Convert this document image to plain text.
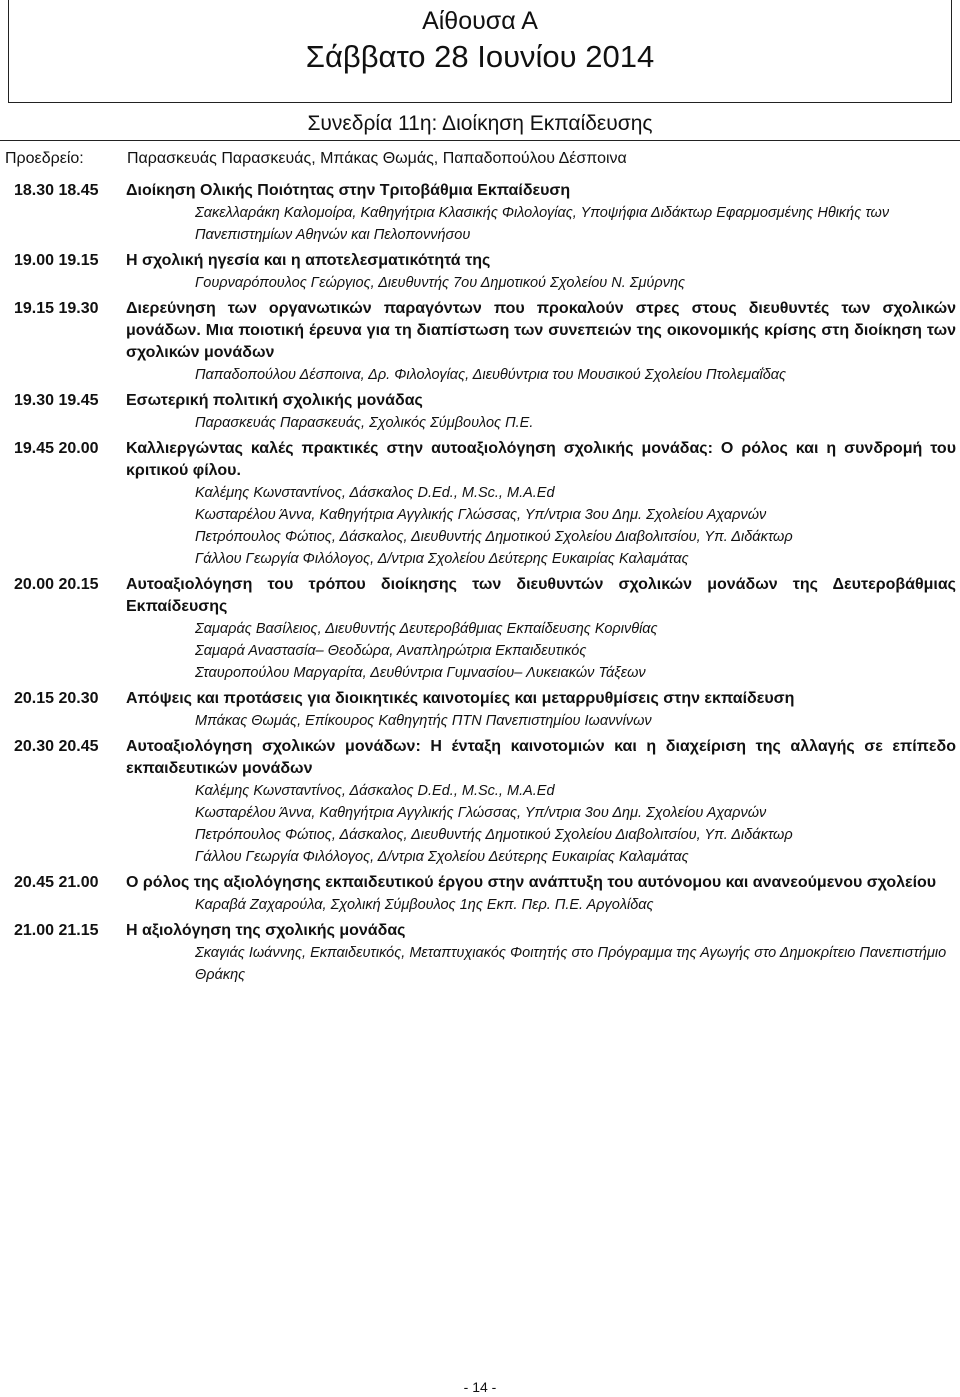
Αίθουσα Α
Σάββατο 28 Ιουνίου 2014
Συνεδρία 11η: Διοίκηση Εκπαίδευσης
Προεδρείο:	Παρασκευάς Παρασκευάς, Μπάκας Θωμάς, Παπαδοπούλου Δέσποινα
18.30 18.45	Διοίκηση Ολικής Ποιότητας στην Τριτοβάθμια Εκπαίδευση
Σακελλαράκη Καλομοίρα, Καθηγήτρια Κλασικής Φιλολογίας, Υποψήφια Διδάκτωρ Εφαρμοσμένης Ηθικής των Πανεπιστημίων Αθηνών και Πελοποννήσου
19.00 19.15	Η σχολική ηγεσία και η αποτελεσματικότητά της
Γουρναρόπουλος Γεώργιος, Διευθυντής 7ου Δημοτικού Σχολείου Ν. Σμύρνης
19.15 19.30	Διερεύνηση των οργανωτικών παραγόντων που προκαλούν στρες στους διευθυντές των σχολικών μονάδων. Μια ποιοτική έρευνα για τη διαπίστωση των συνεπειών της οικονομικής κρίσης στη διοίκηση των σχολικών μονάδων
Παπαδοπούλου Δέσποινα, Δρ. Φιλολογίας, Διευθύντρια του Μουσικού Σχολείου Πτολεμαΐδας
19.30 19.45	Εσωτερική πολιτική σχολικής μονάδας
Παρασκευάς Παρασκευάς, Σχολικός Σύμβουλος Π.Ε.
19.45 20.00	Καλλιεργώντας καλές πρακτικές στην αυτοαξιολόγηση σχολικής μονάδας: Ο ρόλος και η συνδρομή του κριτικού φίλου.
Καλέμης Κωνσταντίνος, Δάσκαλος D.Ed., M.Sc., M.A.Ed
Κωσταρέλου Άννα, Καθηγήτρια Αγγλικής Γλώσσας, Υπ/ντρια 3ου Δημ. Σχολείου Αχαρνών
Πετρόπουλος Φώτιος, Δάσκαλος, Διευθυντής Δημοτικού Σχολείου Διαβολιτσίου, Υπ. Διδάκτωρ
Γάλλου Γεωργία Φιλόλογος, Δ/ντρια Σχολείου Δεύτερης Ευκαιρίας Καλαμάτας
20.00 20.15	Αυτοαξιολόγηση του τρόπου διοίκησης των διευθυντών σχολικών μονάδων της Δευτεροβάθμιας Εκπαίδευσης
Σαμαράς Βασίλειος, Διευθυντής Δευτεροβάθμιας Εκπαίδευσης Κορινθίας
Σαμαρά Αναστασία– Θεοδώρα, Αναπληρώτρια Εκπαιδευτικός
Σταυροπούλου Μαργαρίτα, Δευθύντρια Γυμνασίου– Λυκειακών Τάξεων
20.15 20.30	Απόψεις και προτάσεις για διοικητικές καινοτομίες και μεταρρυθμίσεις στην εκπαίδευση
Μπάκας Θωμάς, Επίκουρος Καθηγητής ΠΤΝ Πανεπιστημίου Ιωαννίνων
20.30 20.45	Αυτοαξιολόγηση σχολικών μονάδων: Η ένταξη καινοτομιών και η διαχείριση της αλλαγής σε επίπεδο εκπαιδευτικών μονάδων
Καλέμης Κωνσταντίνος, Δάσκαλος D.Ed., M.Sc., M.A.Ed
Κωσταρέλου Άννα, Καθηγήτρια Αγγλικής Γλώσσας, Υπ/ντρια 3ου Δημ. Σχολείου Αχαρνών
Πετρόπουλος Φώτιος, Δάσκαλος, Διευθυντής Δημοτικού Σχολείου Διαβολιτσίου, Υπ. Διδάκτωρ
Γάλλου Γεωργία Φιλόλογος, Δ/ντρια Σχολείου Δεύτερης Ευκαιρίας Καλαμάτας
20.45 21.00	Ο ρόλος της αξιολόγησης εκπαιδευτικού έργου στην ανάπτυξη του αυτόνομου και ανανεούμενου σχολείου
Καραβά Ζαχαρούλα, Σχολική Σύμβουλος 1ης Εκπ. Περ. Π.Ε. Αργολίδας
21.00 21.15	Η αξιολόγηση της σχολικής μονάδας
Σκαγιάς Ιωάννης, Εκπαιδευτικός, Μεταπτυχιακός Φοιτητής στο Πρόγραμμα της Αγωγής στο Δημοκρίτειο Πανεπιστήμιο Θράκης
- 14 -
